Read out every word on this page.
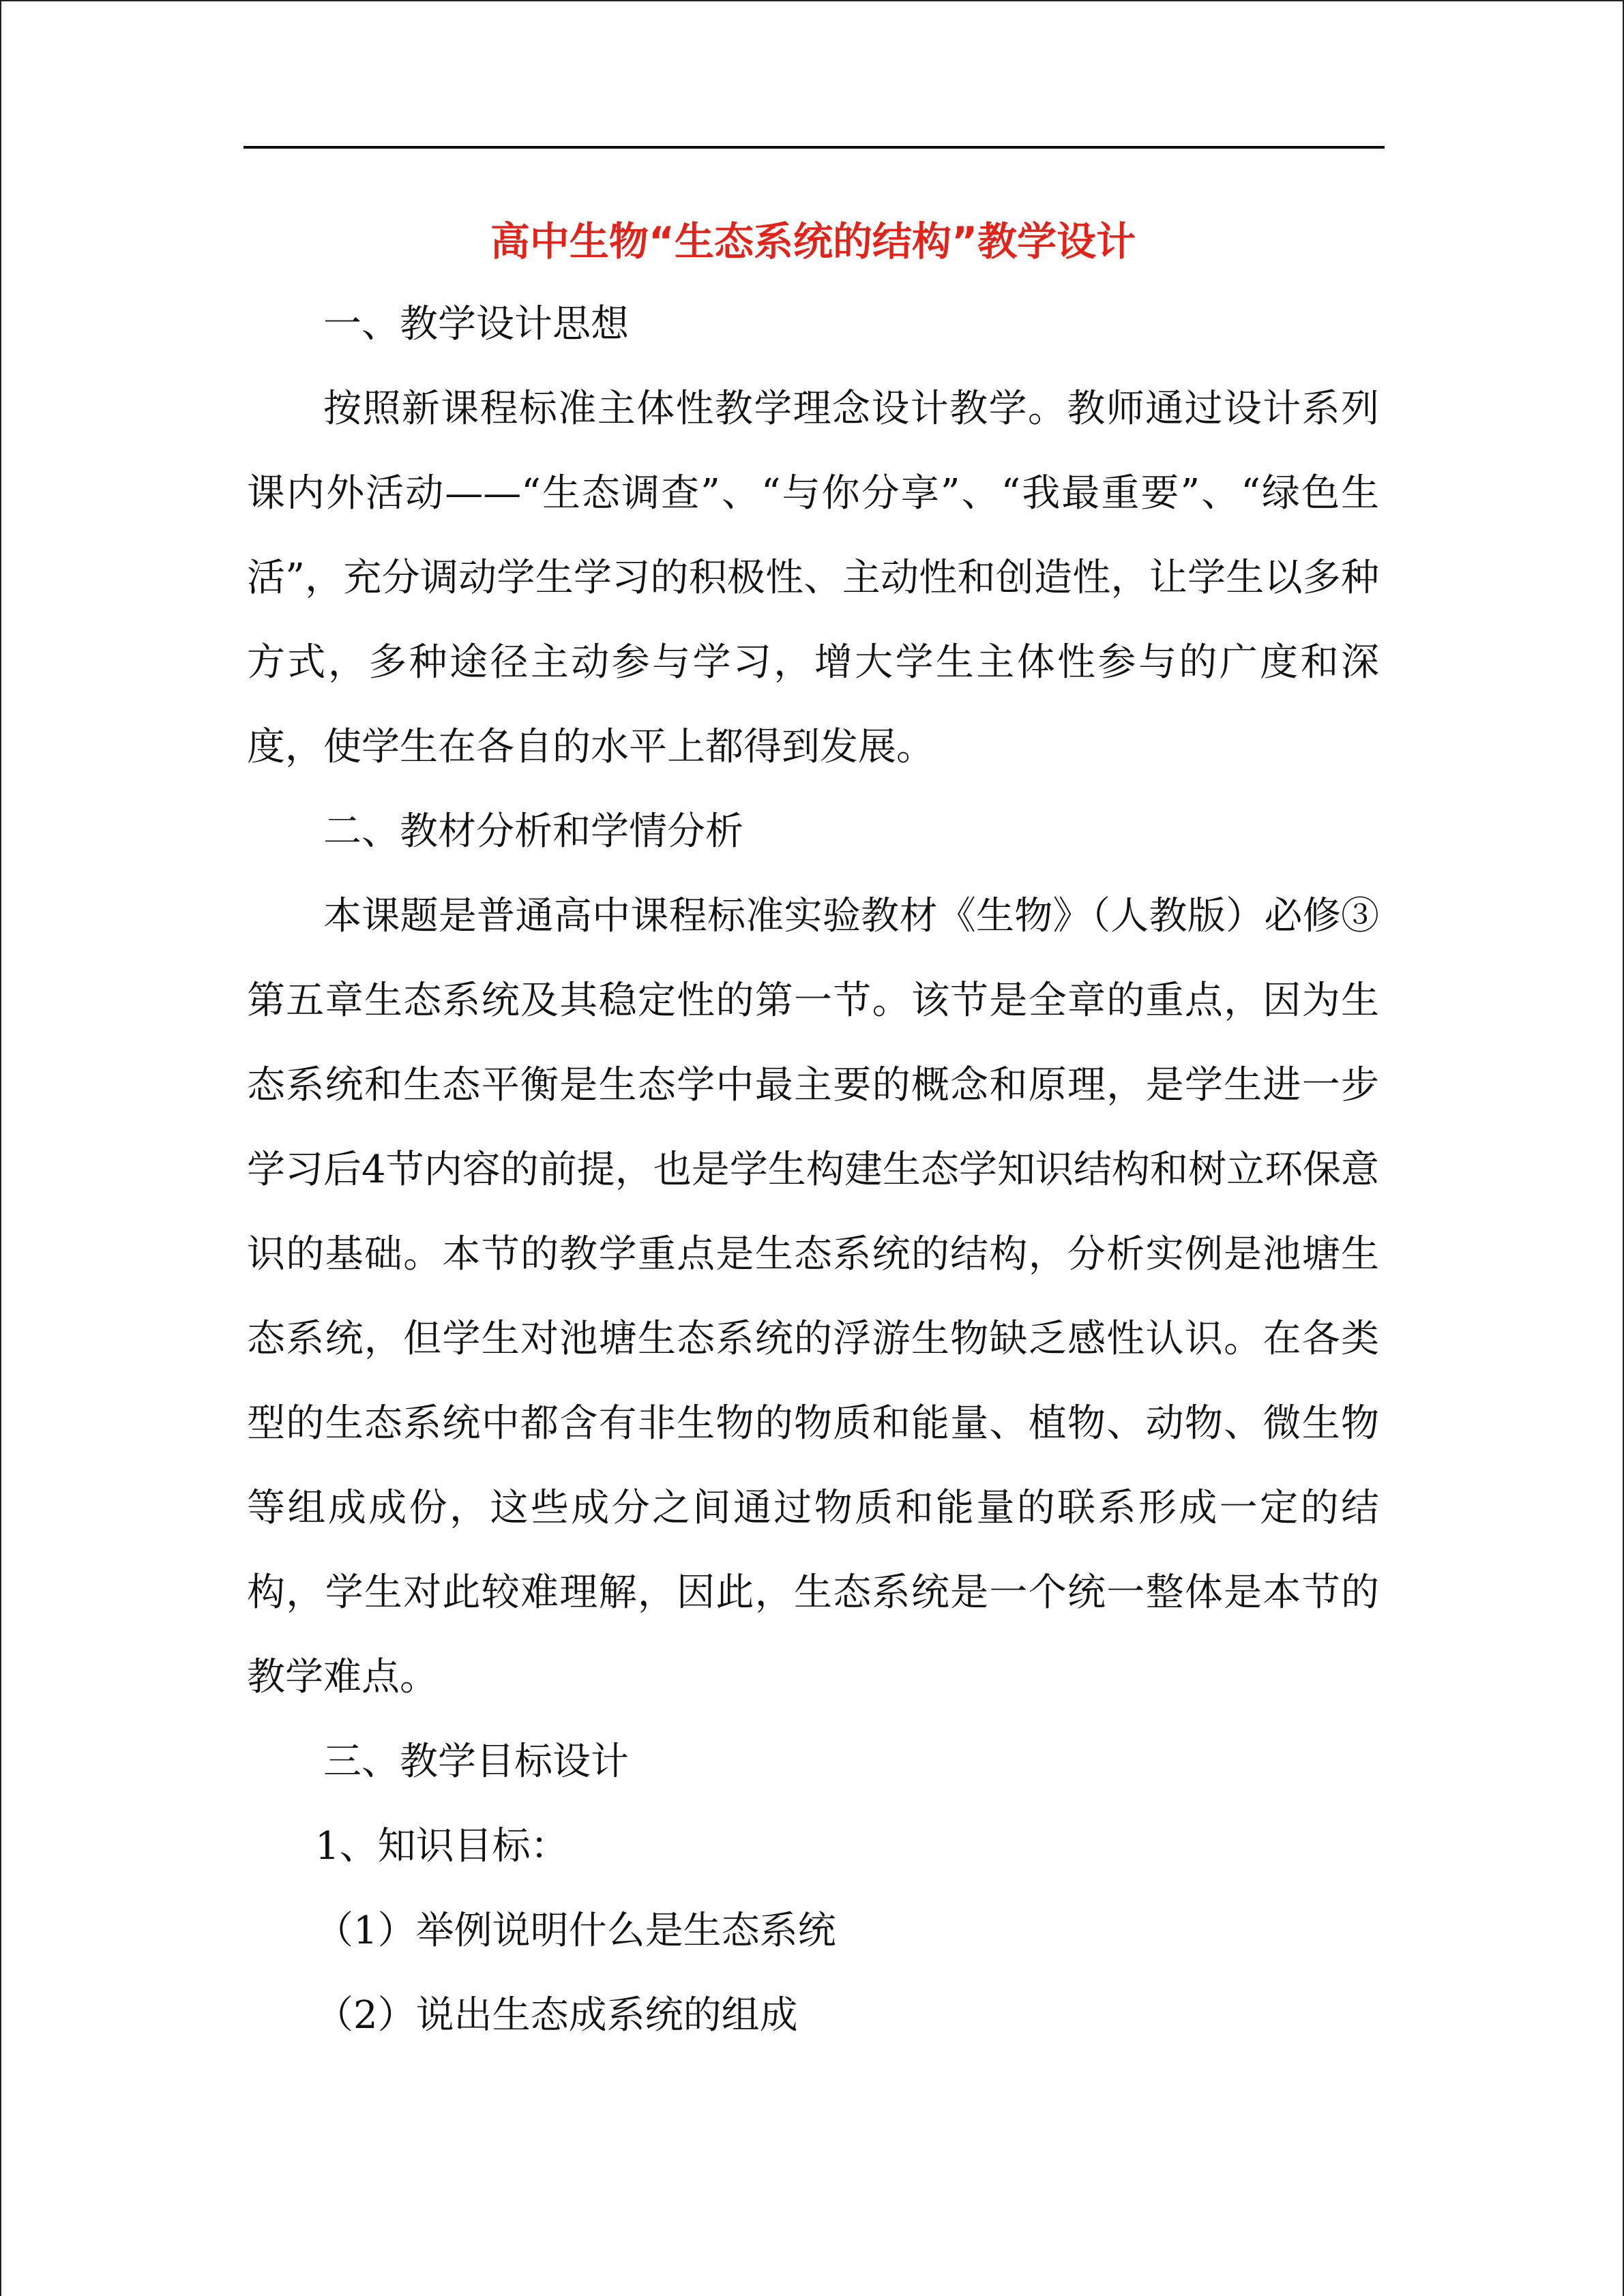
高中生物“生态系统的结构”教学设计

一、教学设计思想

按照新课程标准主体性教学理念设计教学。教师通过设计系列课内外活动——“生态调查”、“与你分享”、“我最重要”、“绿色生活”，充分调动学生学习的积极性、主动性和创造性，让学生以多种方式，多种途径主动参与学习，增大学生主体性参与的广度和深度，使学生在各自的水平上都得到发展。

二、教材分析和学情分析

本课题是普通高中课程标准实验教材《生物》（人教版）必修③第五章生态系统及其稳定性的第一节。该节是全章的重点，因为生态系统和生态平衡是生态学中最主要的概念和原理，是学生进一步学习后4节内容的前提，也是学生构建生态学知识结构和树立环保意识的基础。本节的教学重点是生态系统的结构，分析实例是池塘生态系统，但学生对池塘生态系统的浮游生物缺乏感性认识。在各类型的生态系统中都含有非生物的物质和能量、植物、动物、微生物等组成成份，这些成分之间通过物质和能量的联系形成一定的结构，学生对此较难理解，因此，生态系统是一个统一整体是本节的教学难点。

三、教学目标设计

1、知识目标：

（1）举例说明什么是生态系统

（2）说出生态成系统的组成
